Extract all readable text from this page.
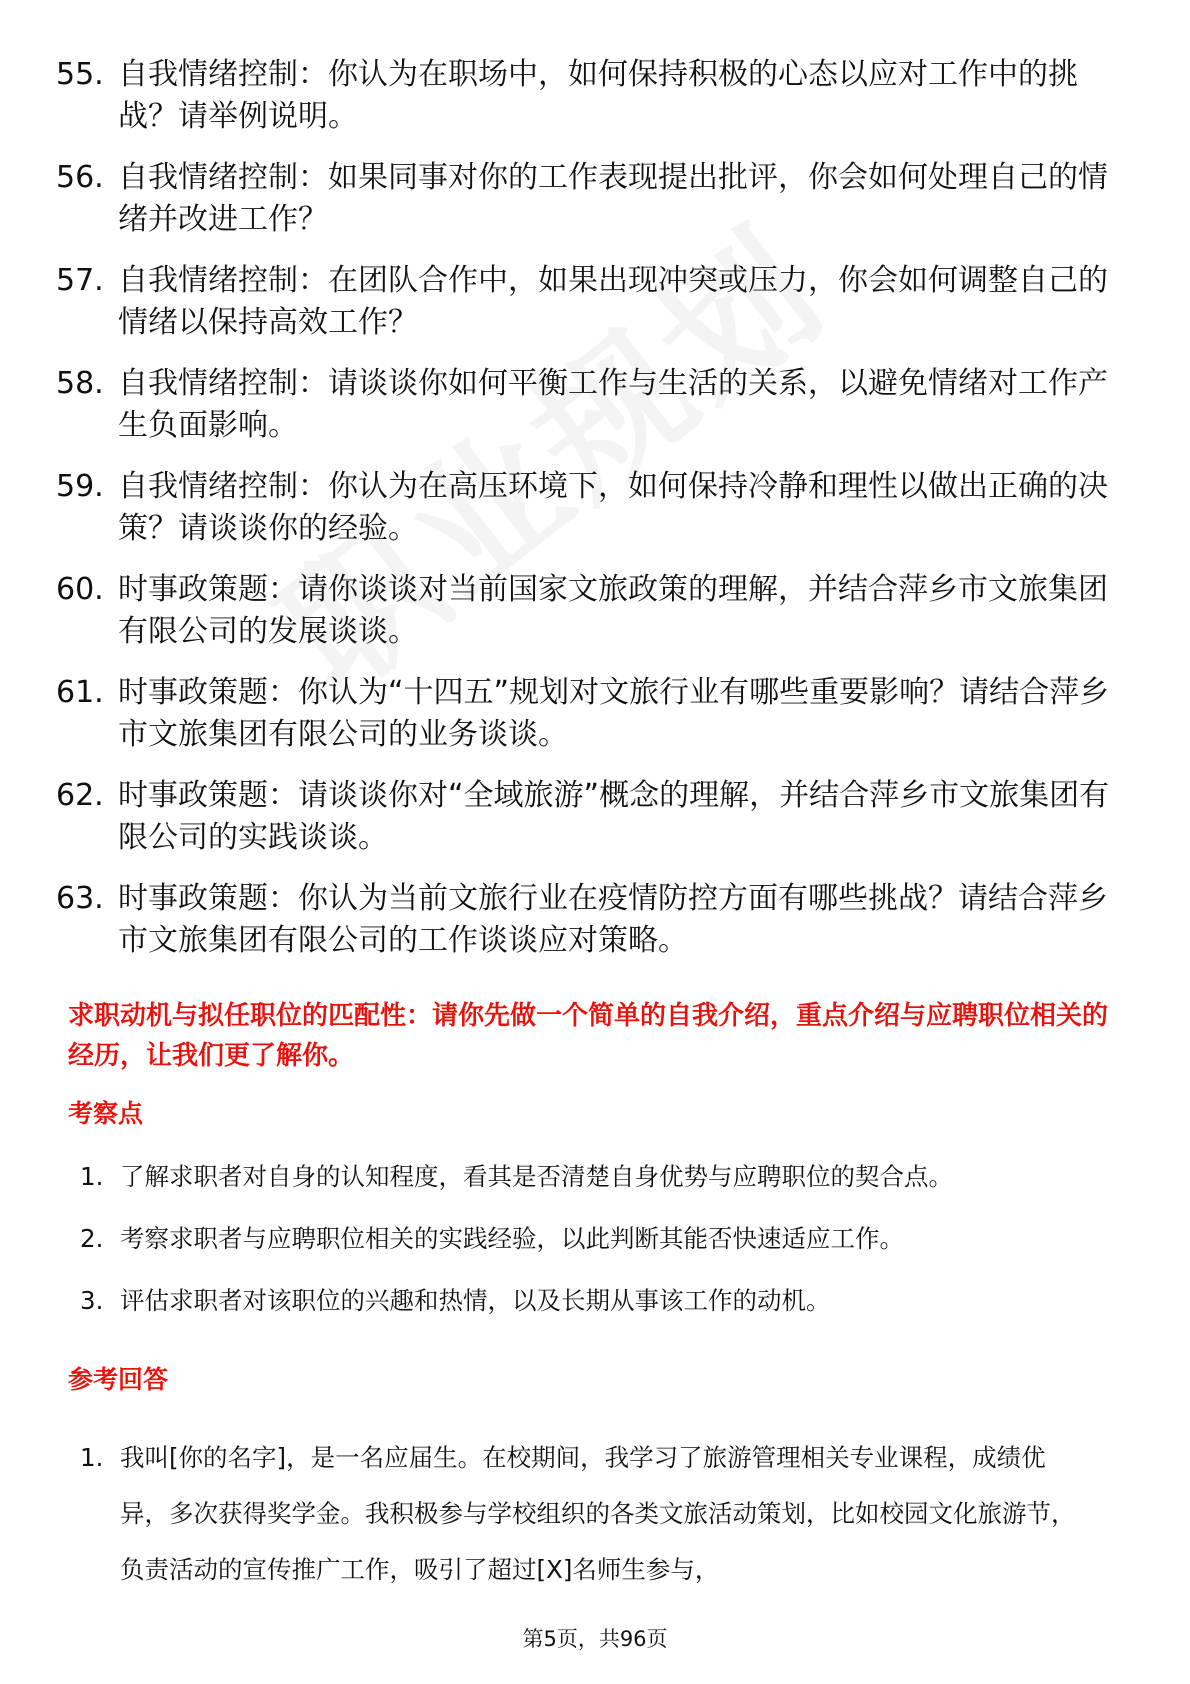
55. 自我情绪控制：你认为在职场中，如何保持积极的心态以应对工作中的挑战？请举例说明。
56. 自我情绪控制：如果同事对你的工作表现提出批评，你会如何处理自己的情绪并改进工作？
57. 自我情绪控制：在团队合作中，如果出现冲突或压力，你会如何调整自己的情绪以保持高效工作？
58. 自我情绪控制：请谈谈你如何平衡工作与生活的关系，以避免情绪对工作产生负面影响。
59. 自我情绪控制：你认为在高压环境下，如何保持冷静和理性以做出正确的决策？请谈谈你的经验。
60. 时事政策题：请你谈谈对当前国家文旅政策的理解，并结合萍乡市文旅集团有限公司的发展谈谈。
61. 时事政策题：你认为“十四五”规划对文旅行业有哪些重要影响？请结合萍乡市文旅集团有限公司的业务谈谈。
62. 时事政策题：请谈谈你对“全域旅游”概念的理解，并结合萍乡市文旅集团有限公司的实践谈谈。
63. 时事政策题：你认为当前文旅行业在疫情防控方面有哪些挑战？请结合萍乡市文旅集团有限公司的工作谈谈应对策略。

求职动机与拟任职位的匹配性：请你先做一个简单的自我介绍，重点介绍与应聘职位相关的经历，让我们更了解你。

考察点

1. 了解求职者对自身的认知程度，看其是否清楚自身优势与应聘职位的契合点。
2. 考察求职者与应聘职位相关的实践经验，以此判断其能否快速适应工作。
3. 评估求职者对该职位的兴趣和热情，以及长期从事该工作的动机。

参考回答

1. 我叫[你的名字]，是一名应届生。在校期间，我学习了旅游管理相关专业课程，成绩优异，多次获得奖学金。我积极参与学校组织的各类文旅活动策划，比如校园文化旅游节，负责活动的宣传推广工作，吸引了超过[X]名师生参与，
第5页，共96页
